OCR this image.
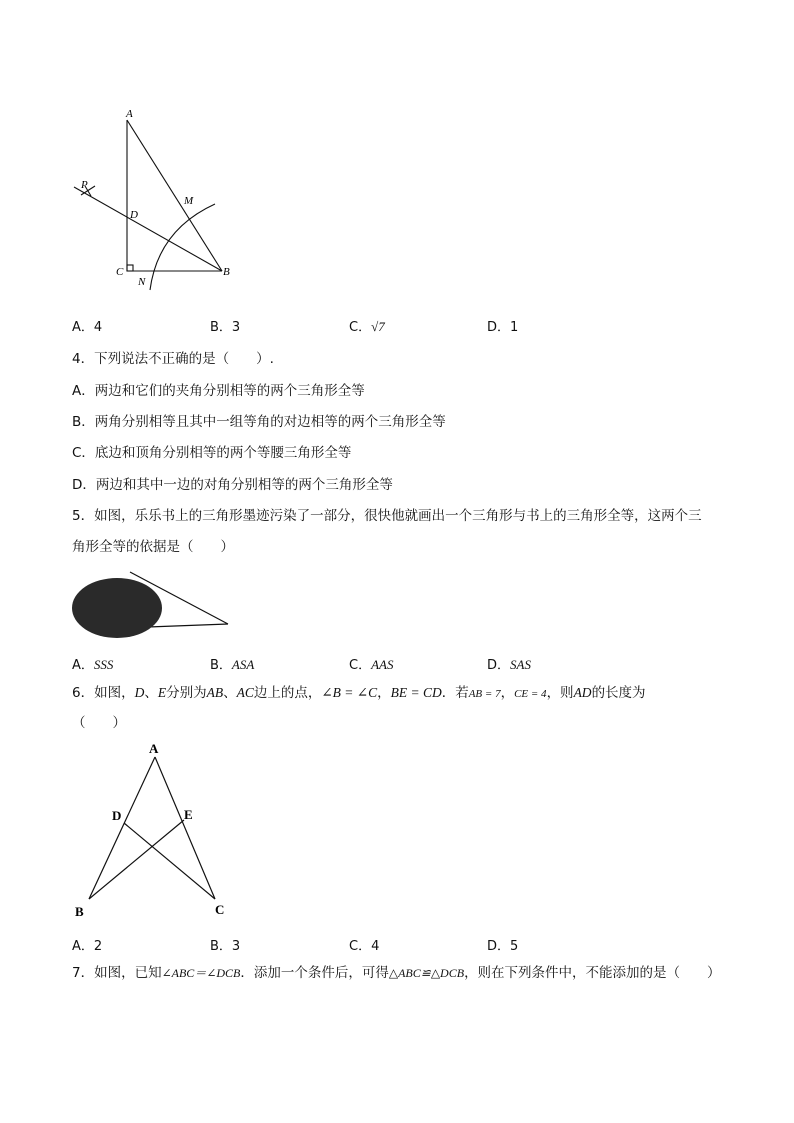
A
P
M
D
C
N
B
A．4	B．3	C．√7	D．1
4．下列说法不正确的是（　　）.
A．两边和它们的夹角分别相等的两个三角形全等
B．两角分别相等且其中一组等角的对边相等的两个三角形全等
C．底边和顶角分别相等的两个等腰三角形全等
D．两边和其中一边的对角分别相等的两个三角形全等
5．如图，乐乐书上的三角形墨迹污染了一部分，很快他就画出一个三角形与书上的三角形全等，这两个三
角形全等的依据是（　　）
A．SSS	B．ASA	C．AAS	D．SAS
6．如图，D、E分别为AB、AC边上的点，∠B = ∠C，BE = CD．若AB = 7，CE = 4，则AD的长度为
（　　）
A
D	E
B	C
A．2	B．3	C．4	D．5
7．如图，已知∠ABC＝∠DCB．添加一个条件后，可得△ABC≌△DCB，则在下列条件中，不能添加的是（　　）
